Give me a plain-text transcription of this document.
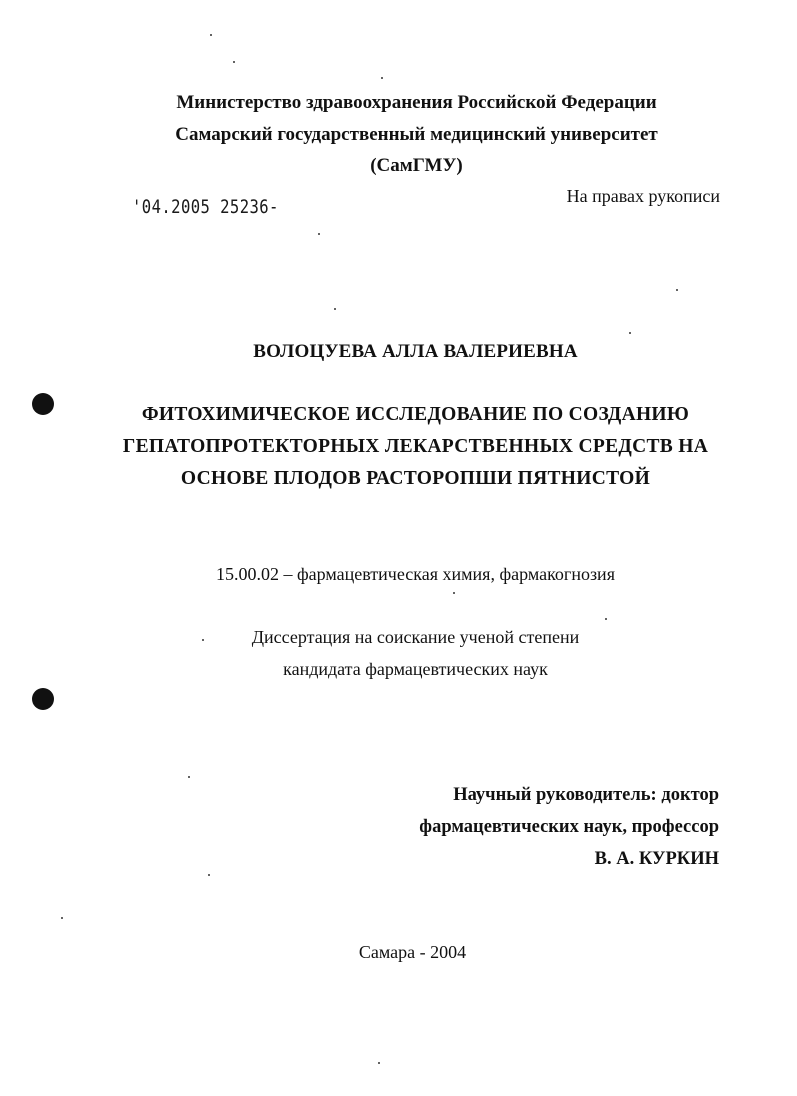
Министерство здравоохранения Российской Федерации
Самарский государственный медицинский университет
(СамГМУ)
'04.2005 25236-	На правах рукописи
ВОЛОЦУЕВА АЛЛА ВАЛЕРИЕВНА
ФИТОХИМИЧЕСКОЕ ИССЛЕДОВАНИЕ ПО СОЗДАНИЮ
ГЕПАТОПРОТЕКТОРНЫХ ЛЕКАРСТВЕННЫХ СРЕДСТВ НА
ОСНОВЕ ПЛОДОВ РАСТОРОПШИ ПЯТНИСТОЙ
15.00.02 – фармацевтическая химия, фармакогнозия
Диссертация на соискание ученой степени
кандидата фармацевтических наук
Научный руководитель: доктор
фармацевтических наук, профессор
В. А. КУРКИН
Самара - 2004
